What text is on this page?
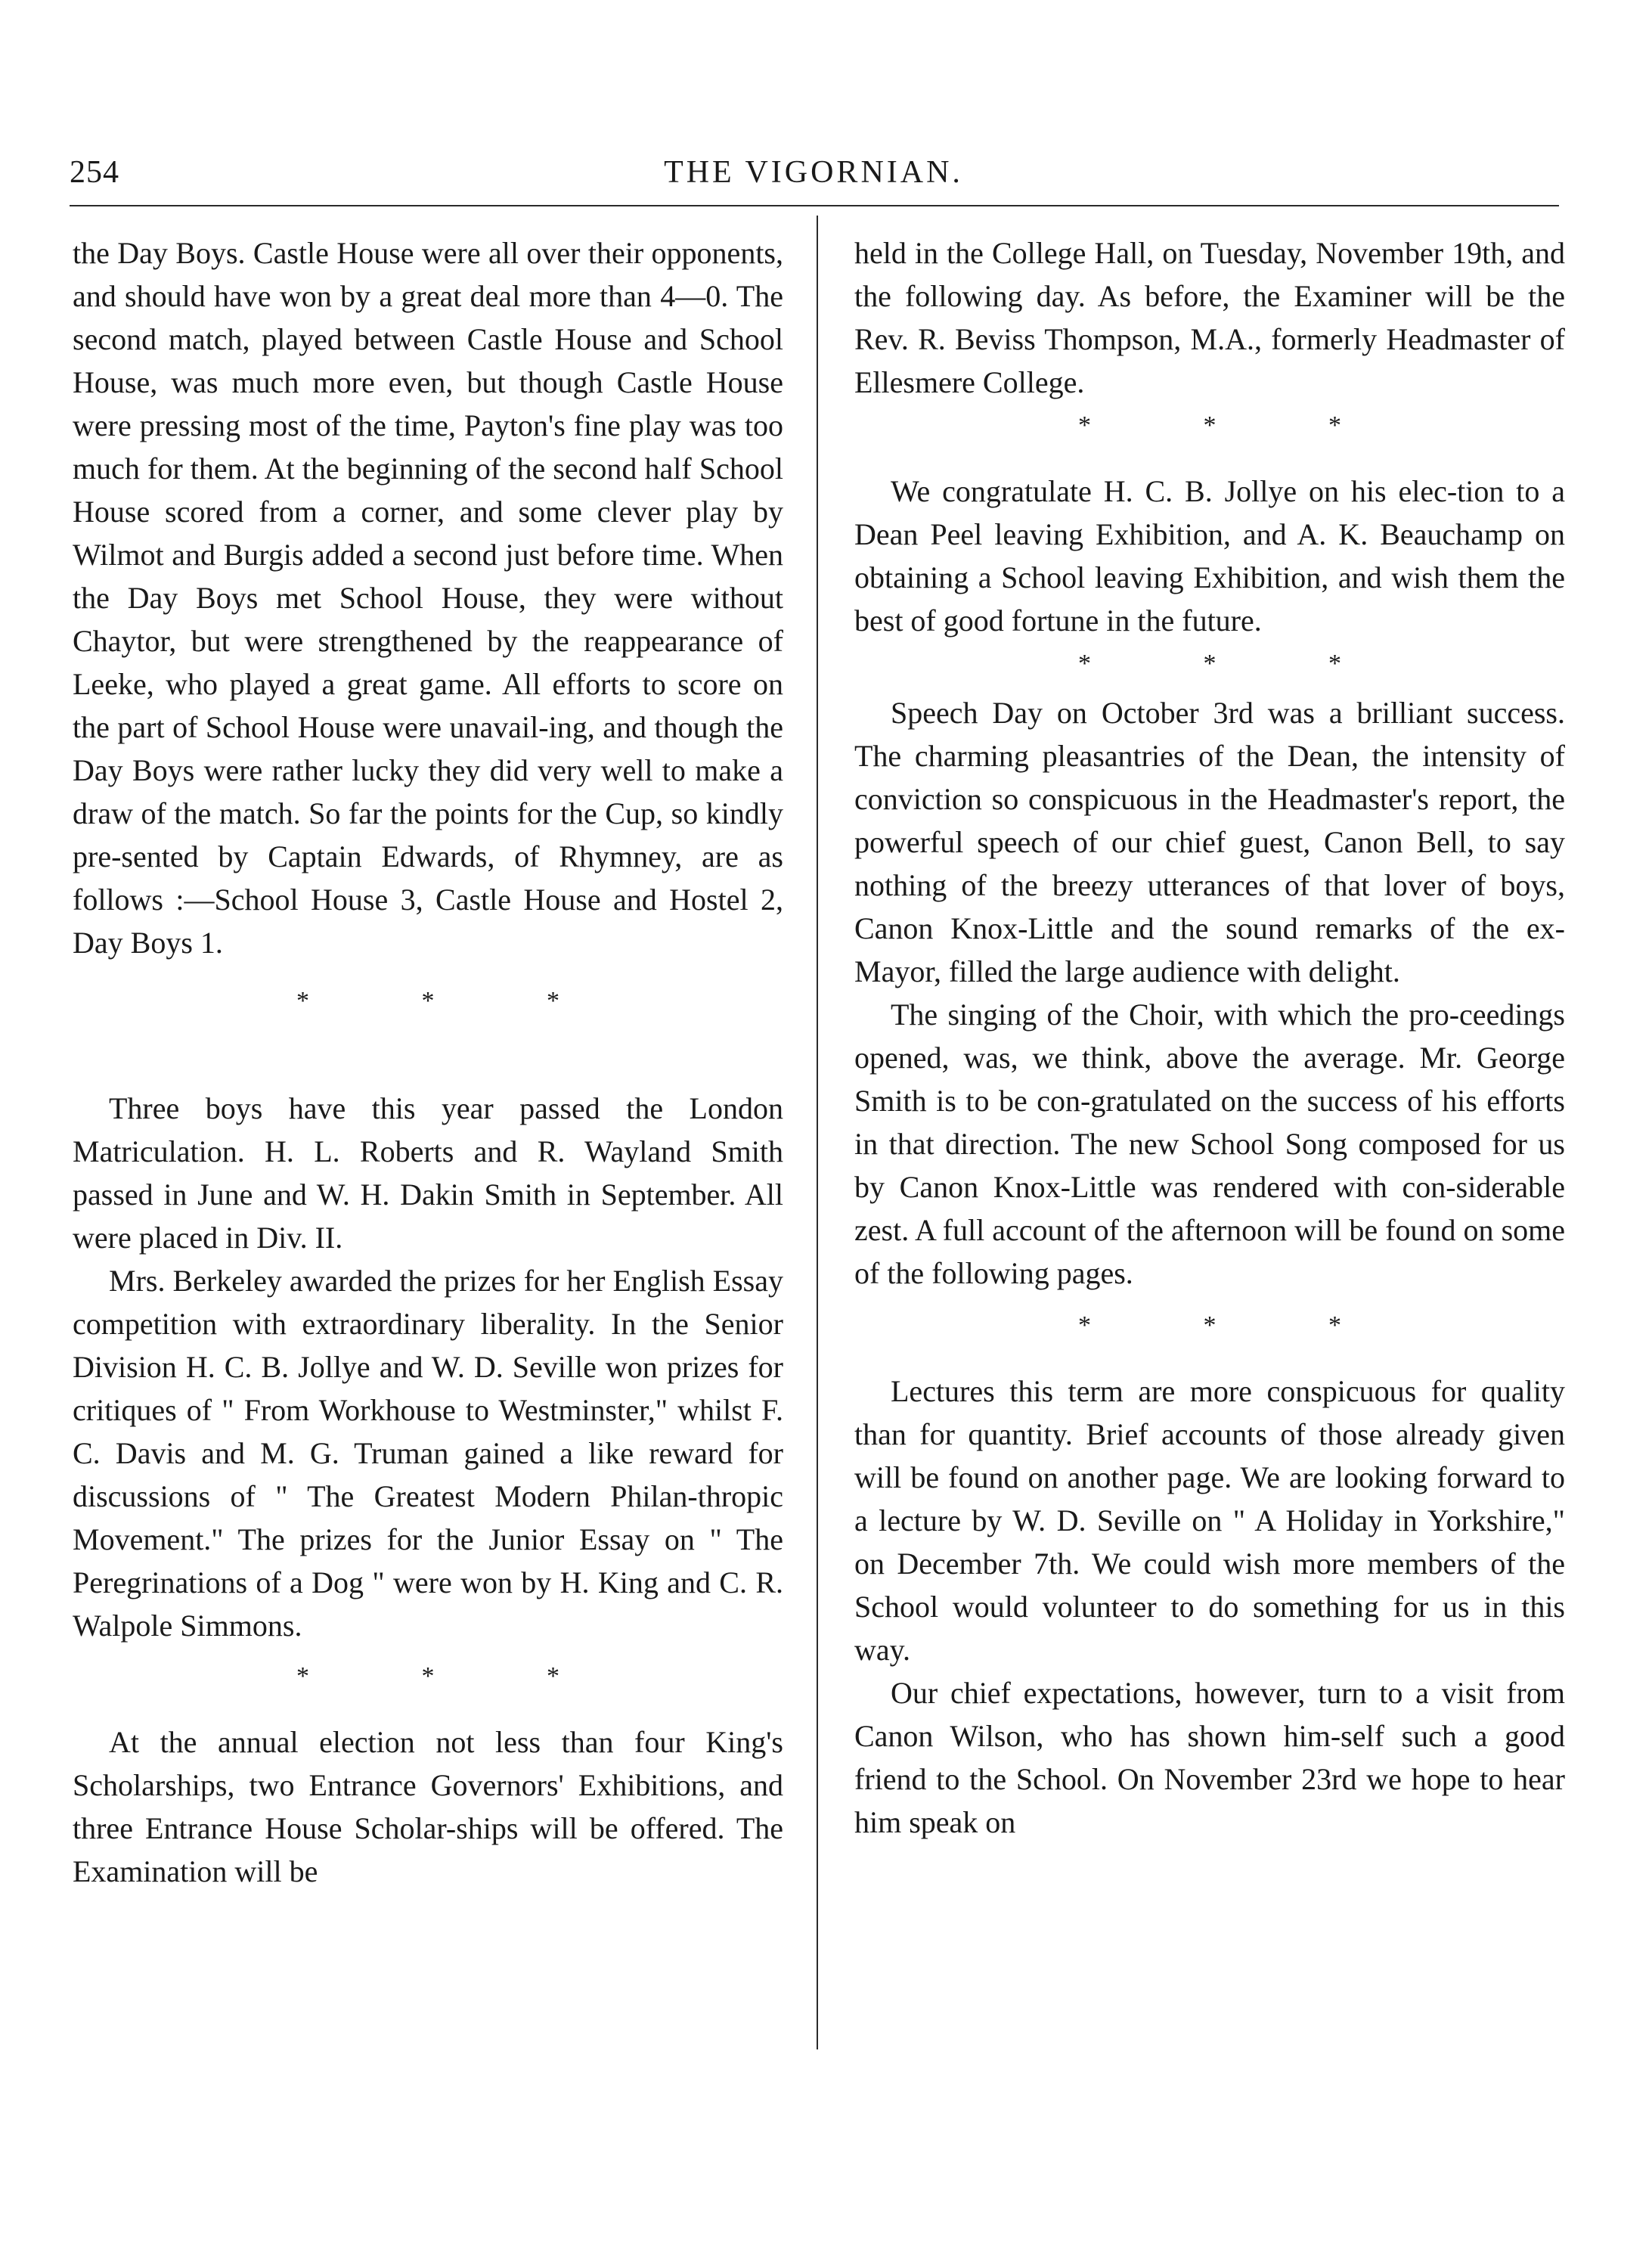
254	THE VIGORNIAN.

the Day Boys. Castle House were all over their opponents, and should have won by a great deal more than 4—0. The second match, played between Castle House and School House, was much more even, but though Castle House were pressing most of the time, Payton's fine play was too much for them. At the beginning of the second half School House scored from a corner, and some clever play by Wilmot and Burgis added a second just before time. When the Day Boys met School House, they were without Chaytor, but were strengthened by the reappearance of Leeke, who played a great game. All efforts to score on the part of School House were unavail-ing, and though the Day Boys were rather lucky they did very well to make a draw of the match. So far the points for the Cup, so kindly pre-sented by Captain Edwards, of Rhymney, are as follows :—School House 3, Castle House and Hostel 2, Day Boys 1.

* * *

Three boys have this year passed the London Matriculation. H. L. Roberts and R. Wayland Smith passed in June and W. H. Dakin Smith in September. All were placed in Div. II.

Mrs. Berkeley awarded the prizes for her English Essay competition with extraordinary liberality. In the Senior Division H. C. B. Jollye and W. D. Seville won prizes for critiques of " From Workhouse to Westminster," whilst F. C. Davis and M. G. Truman gained a like reward for discussions of " The Greatest Modern Philan-thropic Movement." The prizes for the Junior Essay on " The Peregrinations of a Dog " were won by H. King and C. R. Walpole Simmons.

* * *

At the annual election not less than four King's Scholarships, two Entrance Governors' Exhibitions, and three Entrance House Scholar-ships will be offered. The Examination will be

held in the College Hall, on Tuesday, November 19th, and the following day. As before, the Examiner will be the Rev. R. Beviss Thompson, M.A., formerly Headmaster of Ellesmere College.

* * *

We congratulate H. C. B. Jollye on his elec-tion to a Dean Peel leaving Exhibition, and A. K. Beauchamp on obtaining a School leaving Exhibition, and wish them the best of good fortune in the future.

* * *

Speech Day on October 3rd was a brilliant success. The charming pleasantries of the Dean, the intensity of conviction so conspicuous in the Headmaster's report, the powerful speech of our chief guest, Canon Bell, to say nothing of the breezy utterances of that lover of boys, Canon Knox-Little and the sound remarks of the ex-Mayor, filled the large audience with delight.

The singing of the Choir, with which the pro-ceedings opened, was, we think, above the average. Mr. George Smith is to be con-gratulated on the success of his efforts in that direction. The new School Song composed for us by Canon Knox-Little was rendered with con-siderable zest. A full account of the afternoon will be found on some of the following pages.

* * *

Lectures this term are more conspicuous for quality than for quantity. Brief accounts of those already given will be found on another page. We are looking forward to a lecture by W. D. Seville on " A Holiday in Yorkshire," on December 7th. We could wish more members of the School would volunteer to do something for us in this way.

Our chief expectations, however, turn to a visit from Canon Wilson, who has shown him-self such a good friend to the School. On November 23rd we hope to hear him speak on
